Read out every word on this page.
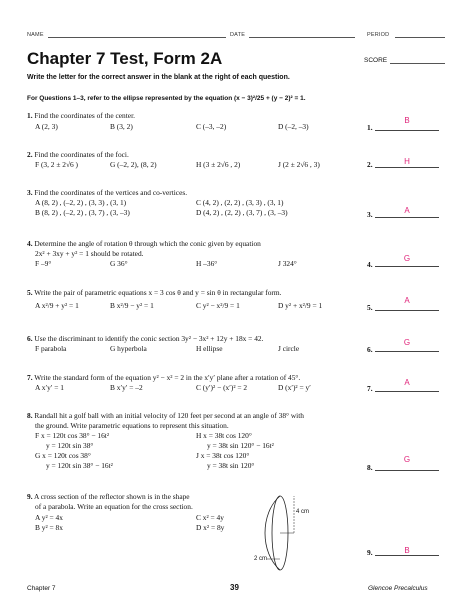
NAME	DATE	PERIOD
Chapter 7 Test, Form 2A	SCORE
Write the letter for the correct answer in the blank at the right of each question.
For Questions 1–3, refer to the ellipse represented by the equation (x − 3)²/25 + (y − 2)² = 1.
1. Find the coordinates of the center.
A (2, 3)	B (3, 2)	C (–3, –2)	D (–2, –3)	1.
B
2. Find the coordinates of the foci.
F (3, 2 ± 2√6 )	G (–2, 2), (8, 2)	H (3 ± 2√6 , 2)	J (2 ± 2√6 , 3)	2.	H
3. Find the coordinates of the vertices and co-vertices.
A (8, 2) , (–2, 2) , (3, 3) , (3, 1)
B (8, 2) , (–2, 2) , (3, 7) , (3, –3)
C (4, 2) , (2, 2) , (3, 3) , (3, 1)
D (4, 2) , (2, 2) , (3, 7) , (3, –3)	3.	A
4. Determine the angle of rotation θ through which the conic given by equation
2x² + 3xy + y² = 1 should be rotated.
F –9°	G 36°	H –36°	J 324°	4.
G
5. Write the pair of parametric equations x = 3 cos θ and y = sin θ in rectangular form.
A x²/9 + y² = 1	B x²/9 − y² = 1	C y² − x²/9 = 1	D y² + x²/9 = 1	5.
A
6. Use the discriminant to identify the conic section 3y² − 3x² + 12y + 18x = 42.
F parabola	G hyperbola	H ellipse	J circle	6.
G
7. Write the standard form of the equation y² − x² = 2 in the x′y′ plane after a rotation of 45°.
A x′y′ = 1	B x′y′ = –2	C (y′)² − (x′)² = 2	D (x′)² = y′	7.
A
8. Randall hit a golf ball with an initial velocity of 120 feet per second at an angle of 38° with
the ground. Write parametric equations to represent this situation.
F x = 120t cos 38° − 16t²
y = 120t sin 38°
G x = 120t cos 38°
y = 120t sin 38° − 16t²
H x = 38t cos 120°
y = 38t sin 120° − 16t²
J x = 38t cos 120°
y = 38t sin 120°	8.
G
9. A cross section of the reflector shown is in the shape
of a parabola. Write an equation for the cross section.
A y² = 4x
B y² = 8x
C x² = 4y
D x² = 8y
4 cm
2 cm
9.	B
Chapter 7	39	Glencoe Precalculus
